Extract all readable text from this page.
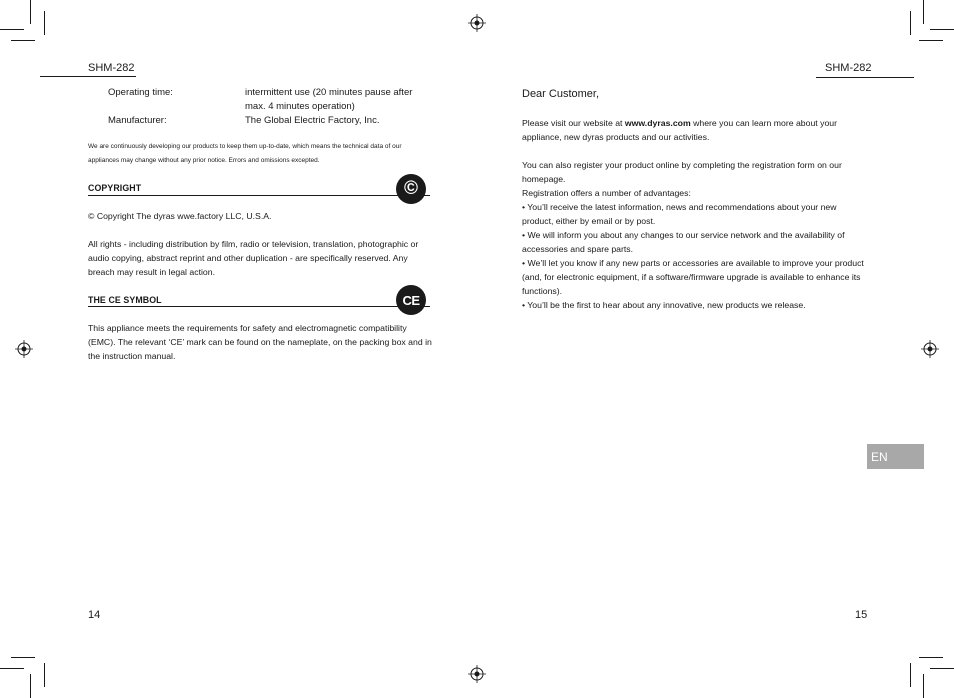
SHM-282
Operating time:	intermittent use (20 minutes pause after max. 4 minutes operation)
Manufacturer:	The Global Electric Factory, Inc.
We are continuously developing our products to keep them up-to-date, which means the technical data of our appliances may change without any prior notice. Errors and omissions excepted.
COPYRIGHT	©
© Copyright The dyras wwe.factory LLC, U.S.A.
All rights - including distribution by film, radio or television, translation, photographic or audio copying, abstract reprint and other duplication - are specifically reserved. Any breach may result in legal action.
THE CE SYMBOL	CE
This appliance meets the requirements for safety and electromagnetic compatibility (EMC). The relevant ‘CE’ mark can be found on the nameplate, on the packing box and in the instruction manual.
14
SHM-282
Dear Customer,
Please visit our website at www.dyras.com where you can learn more about your appliance, new dyras products and our activities.

You can also register your product online by completing the registration form on our homepage.

Registration offers a number of advantages:

• You’ll receive the latest information, news and recommendations about your new product, either by email or by post.

• We will inform you about any changes to our service network and the availability of accessories and spare parts.

• We’ll let you know if any new parts or accessories are available to improve your product (and, for electronic equipment, if a software/firmware upgrade is available to enhance its functions).

• You’ll be the first to hear about any innovative, new products we release.

EN
15
